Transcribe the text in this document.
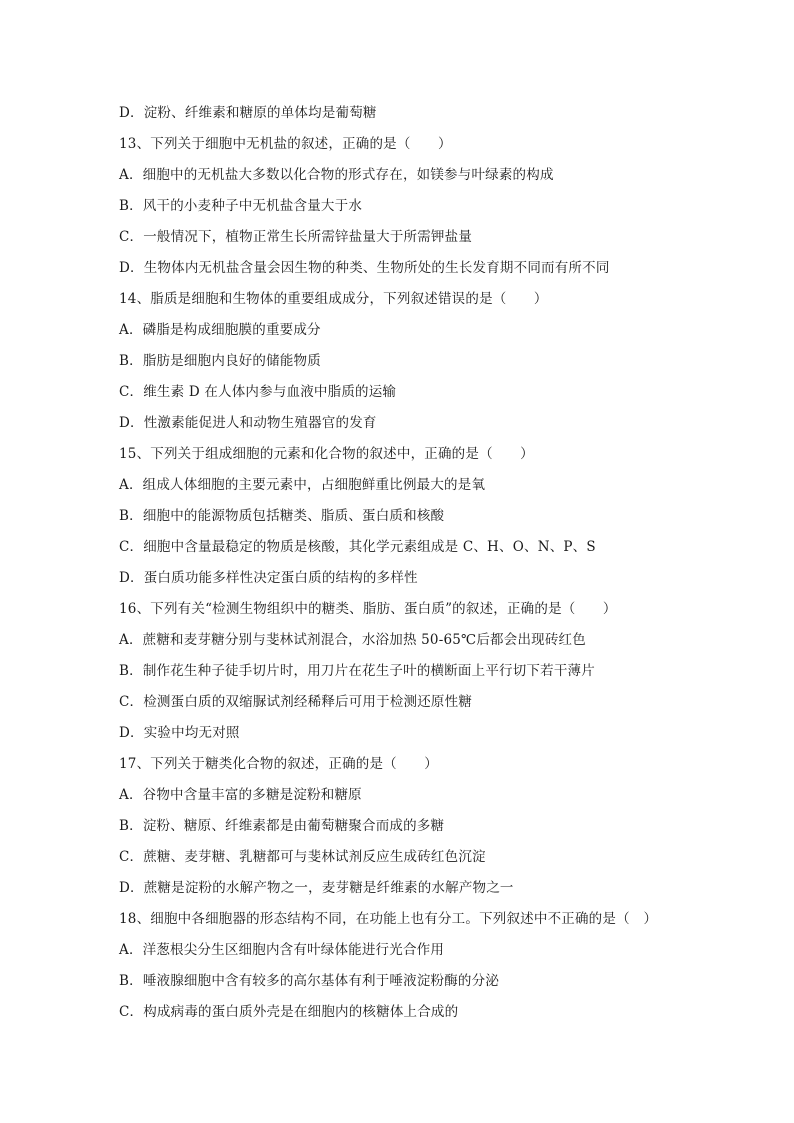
D．淀粉、纤维素和糖原的单体均是葡萄糖
13、下列关于细胞中无机盐的叙述，正确的是（　　）
A．细胞中的无机盐大多数以化合物的形式存在，如镁参与叶绿素的构成
B．风干的小麦种子中无机盐含量大于水
C．一般情况下，植物正常生长所需锌盐量大于所需钾盐量
D．生物体内无机盐含量会因生物的种类、生物所处的生长发育期不同而有所不同
14、脂质是细胞和生物体的重要组成成分，下列叙述错误的是（　　）
A．磷脂是构成细胞膜的重要成分
B．脂肪是细胞内良好的储能物质
C．维生素 D 在人体内参与血液中脂质的运输
D．性激素能促进人和动物生殖器官的发育
15、下列关于组成细胞的元素和化合物的叙述中，正确的是（　　）
A．组成人体细胞的主要元素中，占细胞鲜重比例最大的是氧
B．细胞中的能源物质包括糖类、脂质、蛋白质和核酸
C．细胞中含量最稳定的物质是核酸，其化学元素组成是 C、H、O、N、P、S
D．蛋白质功能多样性决定蛋白质的结构的多样性
16、下列有关“检测生物组织中的糖类、脂肪、蛋白质”的叙述，正确的是（　　）
A．蔗糖和麦芽糖分别与斐林试剂混合，水浴加热 50-65℃后都会出现砖红色
B．制作花生种子徒手切片时，用刀片在花生子叶的横断面上平行切下若干薄片
C．检测蛋白质的双缩脲试剂经稀释后可用于检测还原性糖
D．实验中均无对照
17、下列关于糖类化合物的叙述，正确的是（　　）
A．谷物中含量丰富的多糖是淀粉和糖原
B．淀粉、糖原、纤维素都是由葡萄糖聚合而成的多糖
C．蔗糖、麦芽糖、乳糖都可与斐林试剂反应生成砖红色沉淀
D．蔗糖是淀粉的水解产物之一，麦芽糖是纤维素的水解产物之一
18、细胞中各细胞器的形态结构不同，在功能上也有分工。下列叙述中不正确的是（　）
A．洋葱根尖分生区细胞内含有叶绿体能进行光合作用
B．唾液腺细胞中含有较多的高尔基体有利于唾液淀粉酶的分泌
C．构成病毒的蛋白质外壳是在细胞内的核糖体上合成的
